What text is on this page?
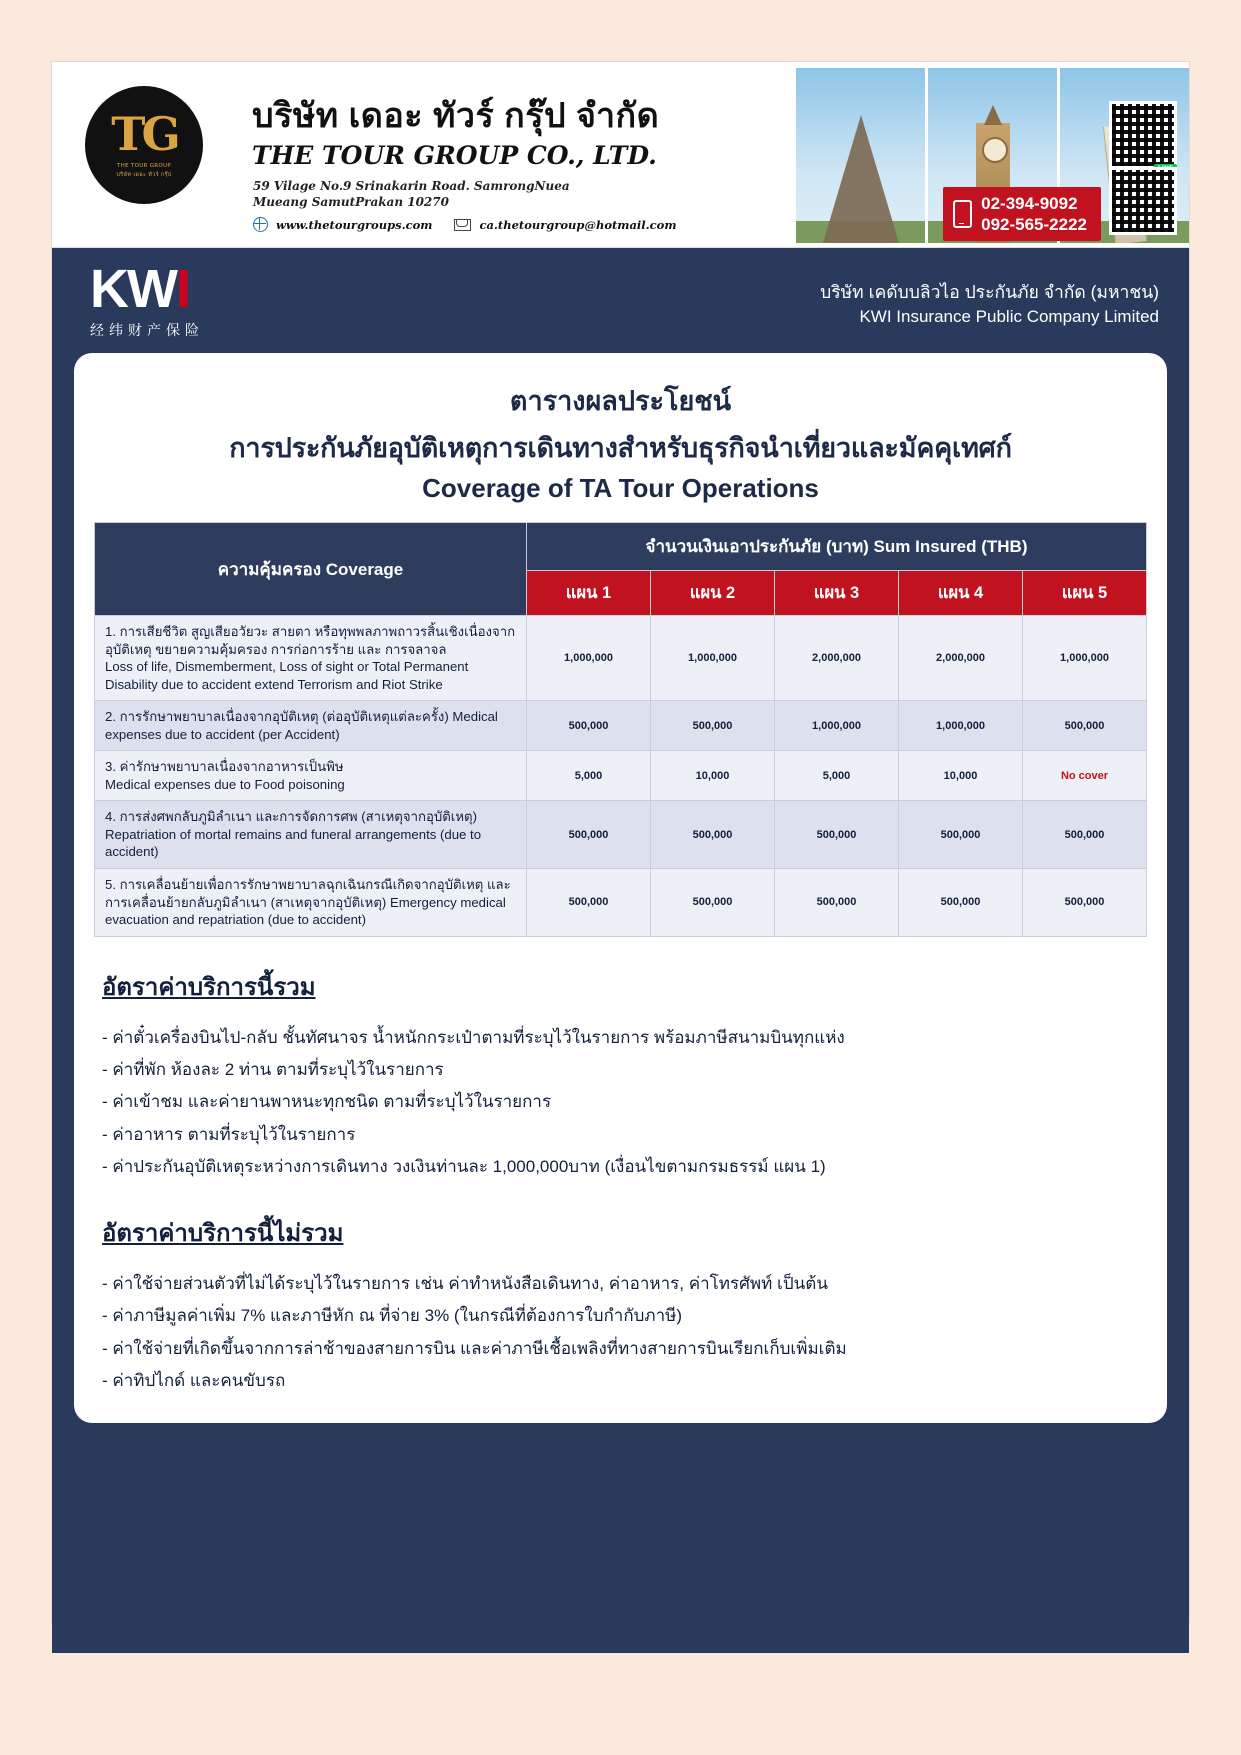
TG
THE TOUR GROUP
บริษัท เดอะ ทัวร์ กรุ๊ป
บริษัท เดอะ ทัวร์ กรุ๊ป จำกัด
THE TOUR GROUP CO., LTD.
59 Vilage No.9 Srinakarin Road. SamrongNuea
Mueang SamutPrakan 10270
www.thetourgroups.com	ca.thetourgroup@hotmail.com
02-394-9092
092-565-2222
KWI
经纬财产保险
บริษัท เคดับบลิวไอ ประกันภัย จำกัด (มหาชน)
KWI Insurance Public Company Limited
ตารางผลประโยชน์
การประกันภัยอุบัติเหตุการเดินทางสำหรับธุรกิจนำเที่ยวและมัคคุเทศก์
Coverage of TA Tour Operations
ความคุ้มครอง Coverage	จำนวนเงินเอาประกันภัย (บาท) Sum Insured (THB)				
	แผน 1	แผน 2	แผน 3	แผน 4	แผน 5
1. การเสียชีวิต สูญเสียอวัยวะ สายตา หรือทุพพลภาพถาวรสิ้นเชิงเนื่องจากอุบัติเหตุ ขยายความคุ้มครอง การก่อการร้าย และ การจลาจล
Loss of life, Dismemberment, Loss of sight or Total Permanent Disability due to accident extend Terrorism and Riot Strike	1,000,000	1,000,000	2,000,000	2,000,000	1,000,000
2. การรักษาพยาบาลเนื่องจากอุบัติเหตุ (ต่ออุบัติเหตุแต่ละครั้ง) Medical expenses due to accident (per Accident)	500,000	500,000	1,000,000	1,000,000	500,000
3. ค่ารักษาพยาบาลเนื่องจากอาหารเป็นพิษ
Medical expenses due to Food poisoning	5,000	10,000	5,000	10,000	No cover
4. การส่งศพกลับภูมิลำเนา และการจัดการศพ (สาเหตุจากอุบัติเหตุ) Repatriation of mortal remains and funeral arrangements (due to accident)	500,000	500,000	500,000	500,000	500,000
5. การเคลื่อนย้ายเพื่อการรักษาพยาบาลฉุกเฉินกรณีเกิดจากอุบัติเหตุ และการเคลื่อนย้ายกลับภูมิลำเนา (สาเหตุจากอุบัติเหตุ) Emergency medical evacuation and repatriation (due to accident)	500,000	500,000	500,000	500,000	500,000
อัตราค่าบริการนี้รวม
- ค่าตั๋วเครื่องบินไป-กลับ ชั้นทัศนาจร น้ำหนักกระเป๋าตามที่ระบุไว้ในรายการ พร้อมภาษีสนามบินทุกแห่ง
- ค่าที่พัก ห้องละ 2 ท่าน ตามที่ระบุไว้ในรายการ
- ค่าเข้าชม และค่ายานพาหนะทุกชนิด ตามที่ระบุไว้ในรายการ
- ค่าอาหาร ตามที่ระบุไว้ในรายการ
- ค่าประกันอุบัติเหตุระหว่างการเดินทาง วงเงินท่านละ 1,000,000บาท (เงื่อนไขตามกรมธรรม์ แผน 1)
อัตราค่าบริการนี้ไม่รวม
- ค่าใช้จ่ายส่วนตัวที่ไม่ได้ระบุไว้ในรายการ เช่น ค่าทำหนังสือเดินทาง, ค่าอาหาร, ค่าโทรศัพท์ เป็นต้น
- ค่าภาษีมูลค่าเพิ่ม 7% และภาษีหัก ณ ที่จ่าย 3% (ในกรณีที่ต้องการใบกำกับภาษี)
- ค่าใช้จ่ายที่เกิดขึ้นจากการล่าช้าของสายการบิน และค่าภาษีเชื้อเพลิงที่ทางสายการบินเรียกเก็บเพิ่มเติม
- ค่าทิปไกด์ และคนขับรถ
